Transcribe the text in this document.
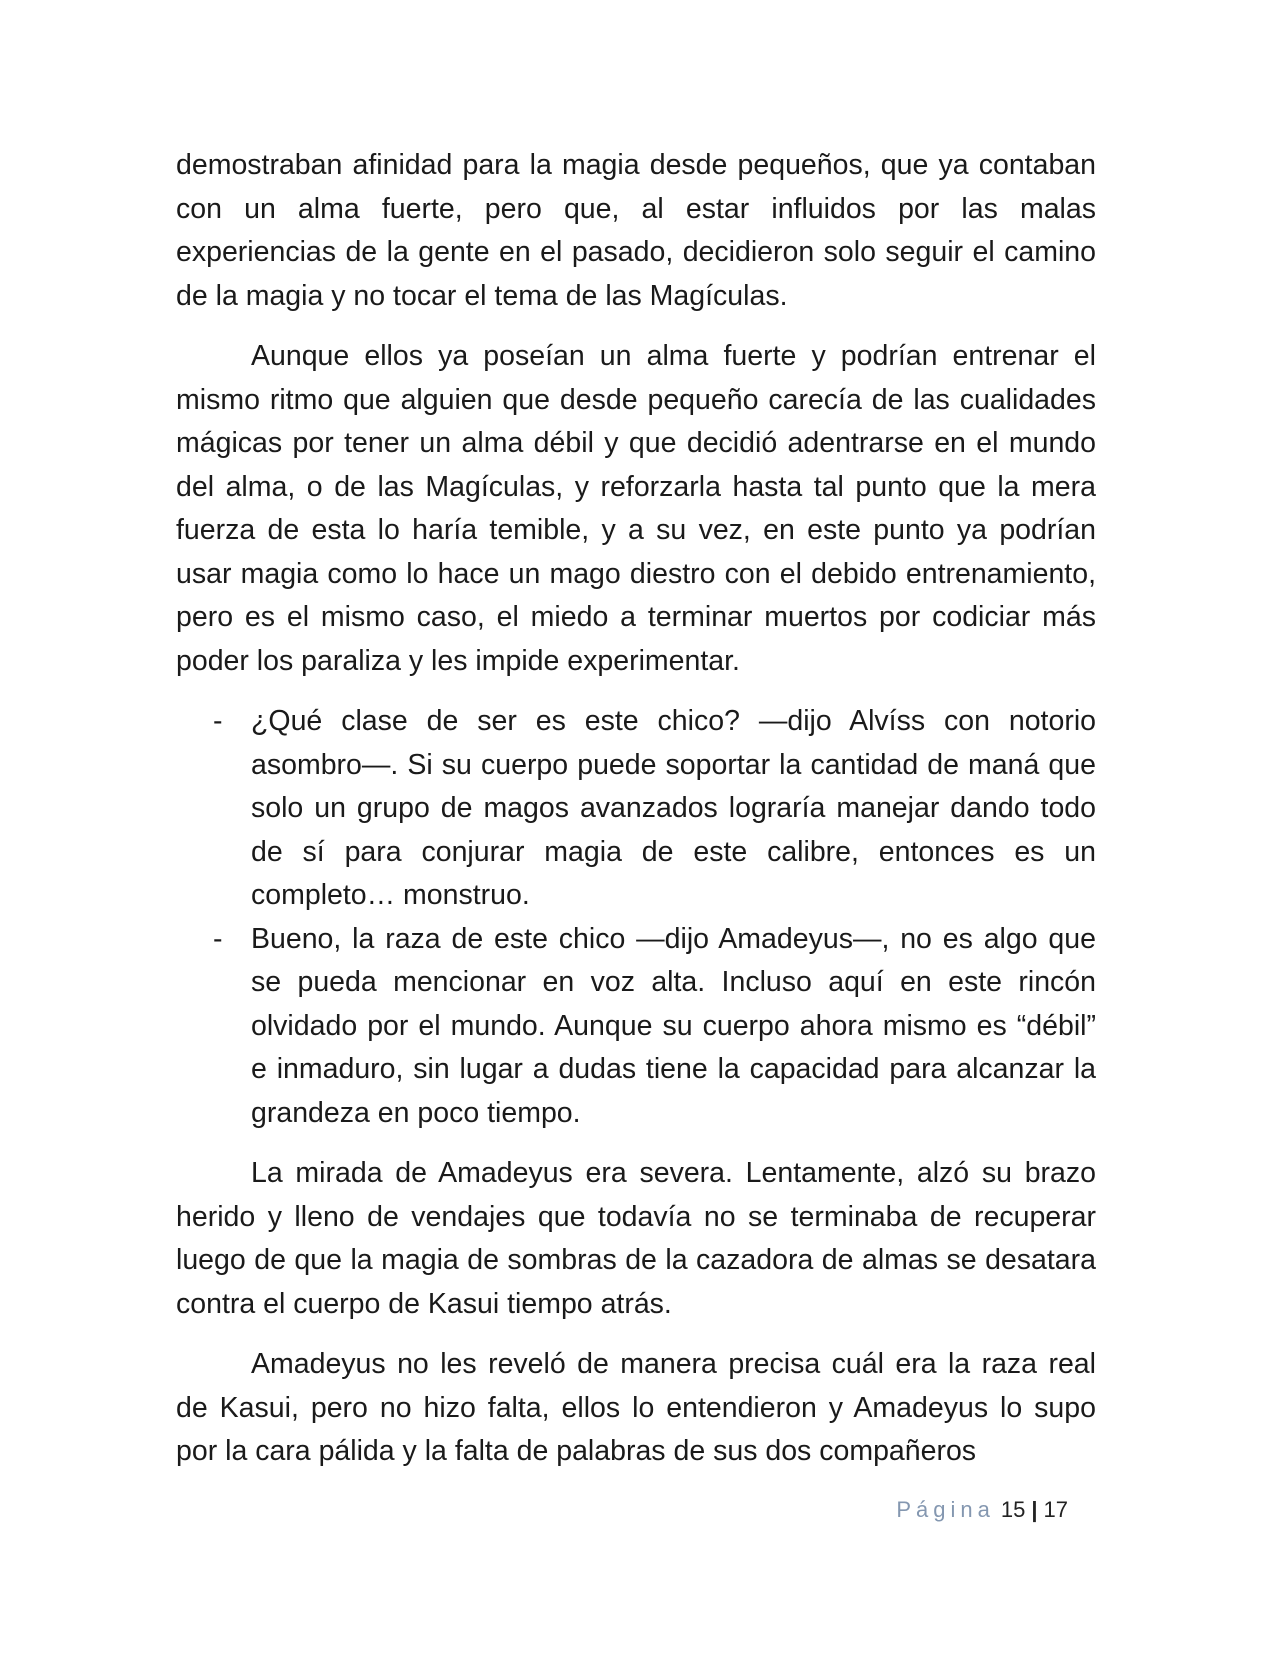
demostraban afinidad para la magia desde pequeños, que ya contaban con un alma fuerte, pero que, al estar influidos por las malas experiencias de la gente en el pasado, decidieron solo seguir el camino de la magia y no tocar el tema de las Magículas.

Aunque ellos ya poseían un alma fuerte y podrían entrenar el mismo ritmo que alguien que desde pequeño carecía de las cualidades mágicas por tener un alma débil y que decidió adentrarse en el mundo del alma, o de las Magículas, y reforzarla hasta tal punto que la mera fuerza de esta lo haría temible, y a su vez, en este punto ya podrían usar magia como lo hace un mago diestro con el debido entrenamiento, pero es el mismo caso, el miedo a terminar muertos por codiciar más poder los paraliza y les impide experimentar.

- ¿Qué clase de ser es este chico? —dijo Alvíss con notorio asombro—. Si su cuerpo puede soportar la cantidad de maná que solo un grupo de magos avanzados lograría manejar dando todo de sí para conjurar magia de este calibre, entonces es un completo… monstruo.
- Bueno, la raza de este chico —dijo Amadeyus—, no es algo que se pueda mencionar en voz alta. Incluso aquí en este rincón olvidado por el mundo. Aunque su cuerpo ahora mismo es “débil” e inmaduro, sin lugar a dudas tiene la capacidad para alcanzar la grandeza en poco tiempo.

La mirada de Amadeyus era severa. Lentamente, alzó su brazo herido y lleno de vendajes que todavía no se terminaba de recuperar luego de que la magia de sombras de la cazadora de almas se desatara contra el cuerpo de Kasui tiempo atrás.

Amadeyus no les reveló de manera precisa cuál era la raza real de Kasui, pero no hizo falta, ellos lo entendieron y Amadeyus lo supo por la cara pálida y la falta de palabras de sus dos compañeros

Página 15 | 17
